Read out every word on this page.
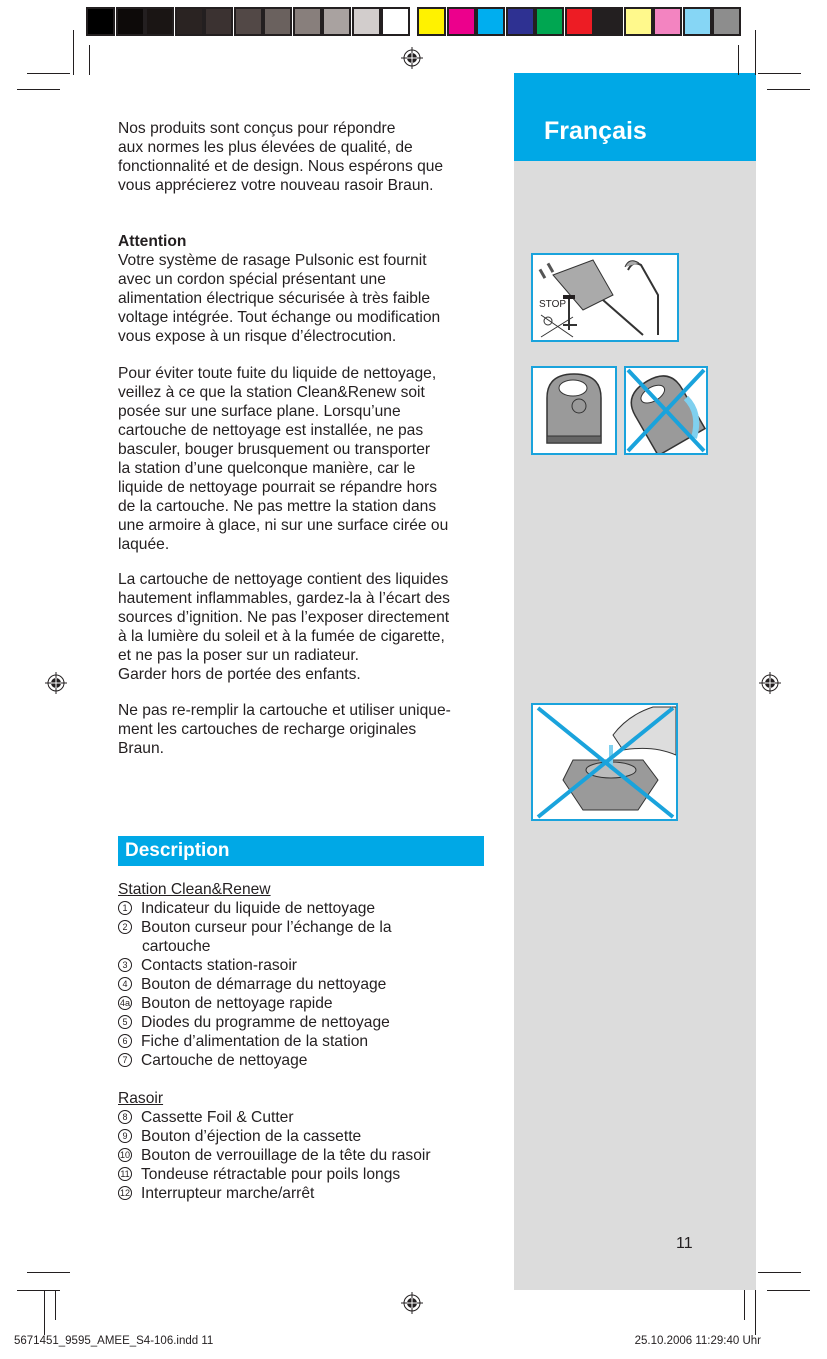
Français
11
STOP
Nos produits sont conçus pour répondre
aux normes les plus élevées de qualité, de
fonctionnalité et de design. Nous espérons que
vous apprécierez votre nouveau rasoir Braun.
Attention
Votre système de rasage Pulsonic est fournit
avec un cordon spécial présentant une
alimentation électrique sécurisée à très faible
voltage intégrée. Tout échange ou modification
vous expose à un risque d’électrocution.
Pour éviter toute fuite du liquide de nettoyage,
veillez à ce que la station Clean&Renew soit
posée sur une surface plane. Lorsqu’une
cartouche de nettoyage est installée, ne pas
basculer, bouger brusquement ou transporter
la station d’une quelconque manière, car le
liquide de nettoyage pourrait se répandre hors
de la cartouche. Ne pas mettre la station dans
une armoire à glace, ni sur une surface cirée ou
laquée.
La cartouche de nettoyage contient des liquides
hautement inflammables, gardez-la à l’écart des
sources d’ignition. Ne pas l’exposer directement
à la lumière du soleil et à la fumée de cigarette,
et ne pas la poser sur un radiateur.
Garder hors de portée des enfants.
Ne pas re-remplir la cartouche et utiliser unique-
ment les cartouches de recharge originales
Braun.
Description
Station Clean&Renew
1 Indicateur du liquide de nettoyage
2 Bouton curseur pour l’échange de la
cartouche
3 Contacts station-rasoir
4 Bouton de démarrage du nettoyage
4a Bouton de nettoyage rapide
5 Diodes du programme de nettoyage
6 Fiche d’alimentation de la station
7 Cartouche de nettoyage

Rasoir
8 Cassette Foil & Cutter
9 Bouton d’éjection de la cassette
10 Bouton de verrouillage de la tête du rasoir
11 Tondeuse rétractable pour poils longs
12 Interrupteur marche/arrêt
5671451_9595_AMEE_S4-106.indd 11	25.10.2006 11:29:40 Uhr
